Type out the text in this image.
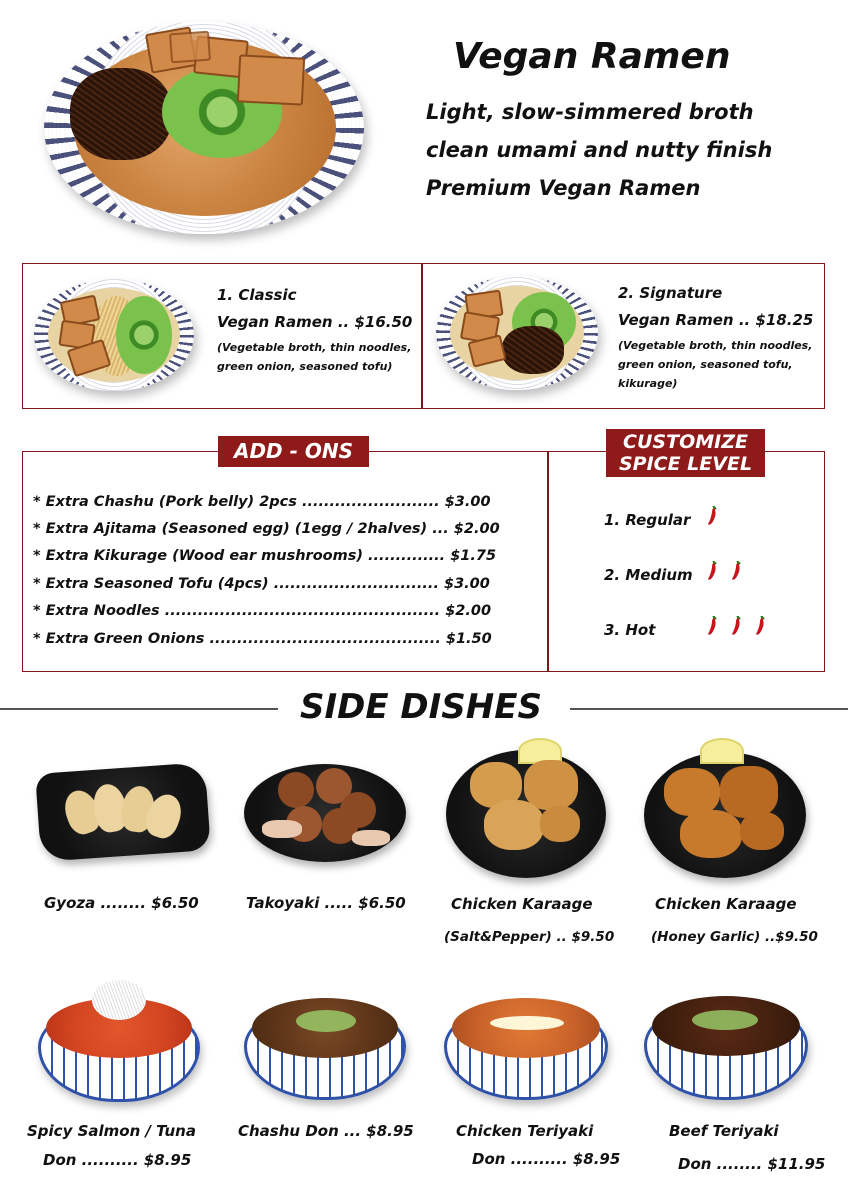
Vegan Ramen
Light, slow-simmered broth
clean umami and nutty finish
Premium Vegan Ramen
1. Classic
Vegan Ramen .. $16.50
(Vegetable broth, thin noodles,
green onion, seasoned tofu)
2. Signature
Vegan Ramen .. $18.25
(Vegetable broth, thin noodles,
green onion, seasoned tofu,
kikurage)
ADD - ONS
* Extra Chashu (Pork belly) 2pcs ......................... $3.00
* Extra Ajitama (Seasoned egg) (1egg / 2halves) ... $2.00
* Extra Kikurage (Wood ear mushrooms) .............. $1.75
* Extra Seasoned Tofu (4pcs) .............................. $3.00
* Extra Noodles .................................................. $2.00
* Extra Green Onions .......................................... $1.50
CUSTOMIZE
SPICE LEVEL
1. Regular
2. Medium
3. Hot
SIDE DISHES
Gyoza ........ $6.50	Takoyaki ..... $6.50	Chicken Karaage
(Salt&Pepper) .. $9.50
Chicken Karaage
(Honey Garlic) ..$9.50
Spicy Salmon / Tuna
Don .......... $8.95
Chashu Don ... $8.95	Chicken Teriyaki
Don .......... $8.95
Beef Teriyaki
Don ........ $11.95
